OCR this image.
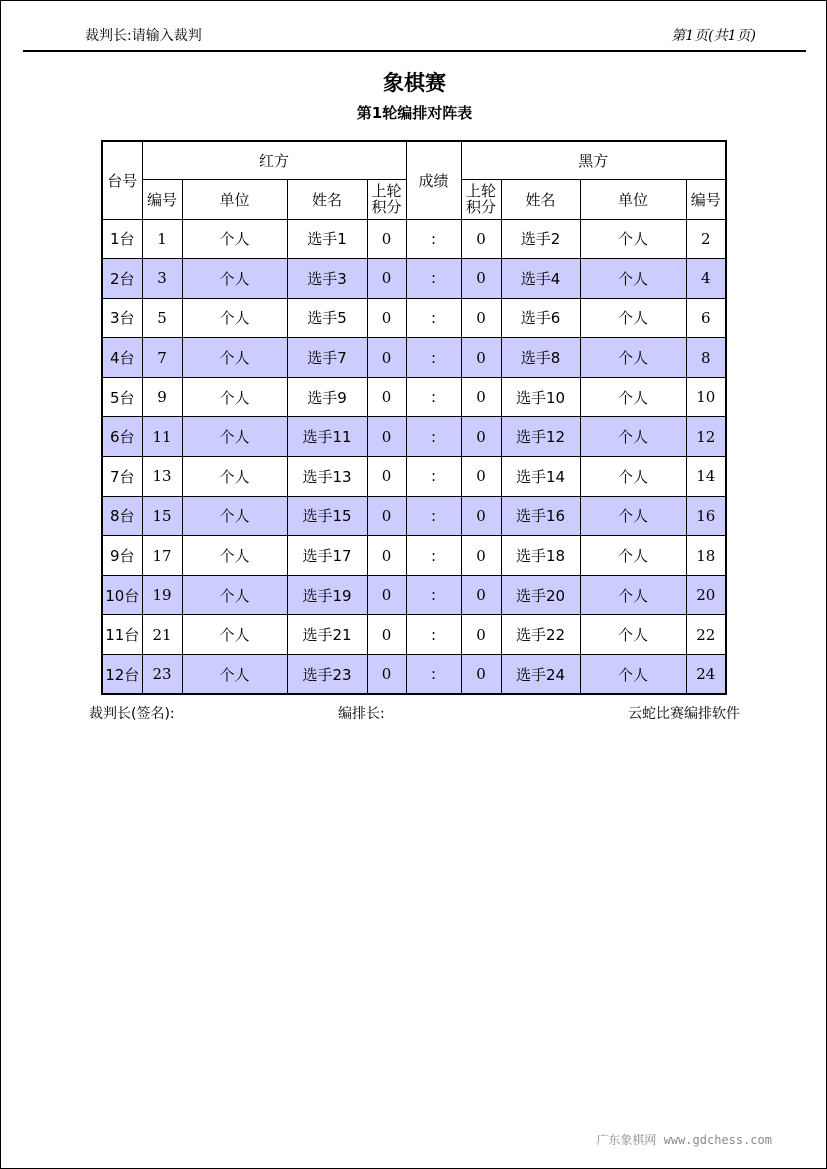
裁判长:请输入裁判	第1页(共1页)
象棋赛
第1轮编排对阵表
台号	红方				成绩	黑方			
	编号	单位	姓名	上轮积分		上轮积分	姓名	单位	编号
1台	1	个人	选手1	0	:	0	选手2	个人	2
2台	3	个人	选手3	0	:	0	选手4	个人	4
3台	5	个人	选手5	0	:	0	选手6	个人	6
4台	7	个人	选手7	0	:	0	选手8	个人	8
5台	9	个人	选手9	0	:	0	选手10	个人	10
6台	11	个人	选手11	0	:	0	选手12	个人	12
7台	13	个人	选手13	0	:	0	选手14	个人	14
8台	15	个人	选手15	0	:	0	选手16	个人	16
9台	17	个人	选手17	0	:	0	选手18	个人	18
10台	19	个人	选手19	0	:	0	选手20	个人	20
11台	21	个人	选手21	0	:	0	选手22	个人	22
12台	23	个人	选手23	0	:	0	选手24	个人	24
裁判长(签名):	编排长:	云蛇比赛编排软件
广东象棋网 www.gdchess.com
